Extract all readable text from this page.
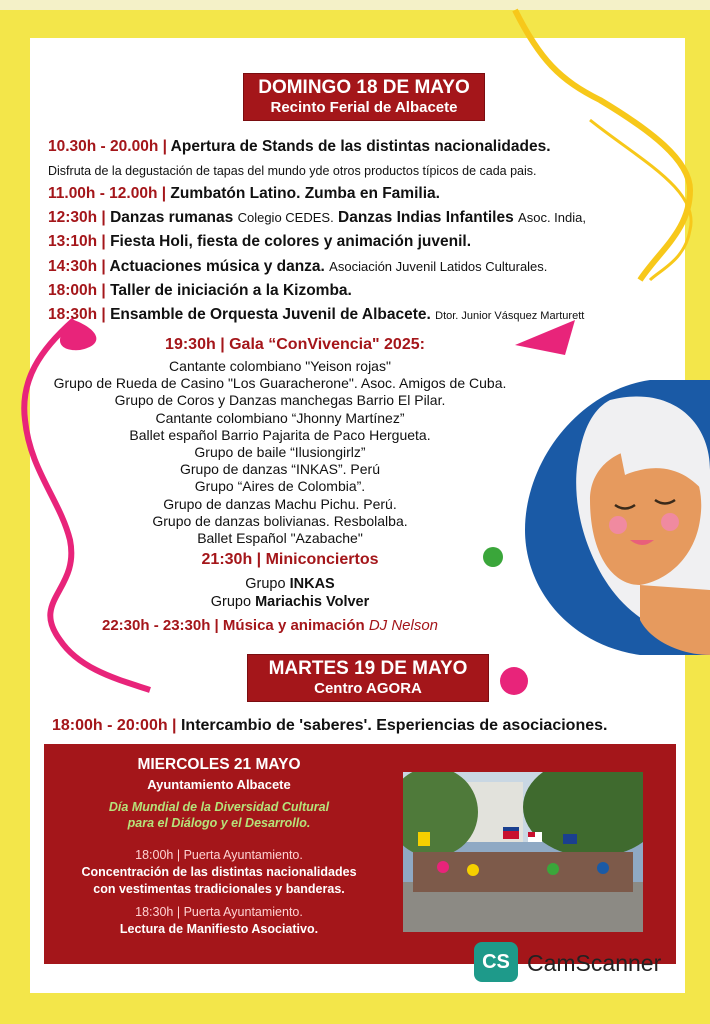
DOMINGO 18 DE MAYO
Recinto Ferial de Albacete
10.30h - 20.00h | Apertura de Stands de las distintas nacionalidades.
Disfruta de la degustación de tapas del mundo yde otros productos típicos de cada pais.
11.00h - 12.00h | Zumbatón Latino. Zumba en Familia.
12:30h | Danzas rumanas Colegio CEDES. Danzas Indias Infantiles Asoc. India,
13:10h | Fiesta Holi, fiesta de colores y animación juvenil.
14:30h | Actuaciones música y danza. Asociación Juvenil Latidos Culturales.
18:00h | Taller de iniciación a la Kizomba.
18:30h | Ensamble de Orquesta Juvenil de Albacete. Dtor. Junior Vásquez Marturett
19:30h | Gala “ConVivencia" 2025:
Cantante colombiano "Yeison rojas"
Grupo de Rueda de Casino "Los Guaracherone". Asoc. Amigos de Cuba.
Grupo de Coros y Danzas manchegas Barrio El Pilar.
Cantante colombiano “Jhonny Martínez”
Ballet español Barrio Pajarita de Paco Hergueta.
Grupo de baile “Ilusiongirlz”
Grupo de danzas “INKAS”. Perú
Grupo “Aires de Colombia”.
Grupo de danzas Machu Pichu. Perú.
Grupo de danzas bolivianas. Resbolalba.
Ballet Español "Azabache"
21:30h | Miniconciertos
Grupo INKAS
Grupo Mariachis Volver
22:30h - 23:30h | Música y animación DJ Nelson
MARTES 19 DE MAYO
Centro AGORA
18:00h - 20:00h | Intercambio de 'saberes'. Esperiencias de asociaciones.
MIERCOLES 21 MAYO
Ayuntamiento Albacete
Día Mundial de la Diversidad Cultural
para el Diálogo y el Desarrollo.
18:00h | Puerta Ayuntamiento.
Concentración de las distintas nacionalidades
con vestimentas tradicionales y banderas.
18:30h | Puerta Ayuntamiento.
Lectura de Manifiesto Asociativo.
CS CamScanner
